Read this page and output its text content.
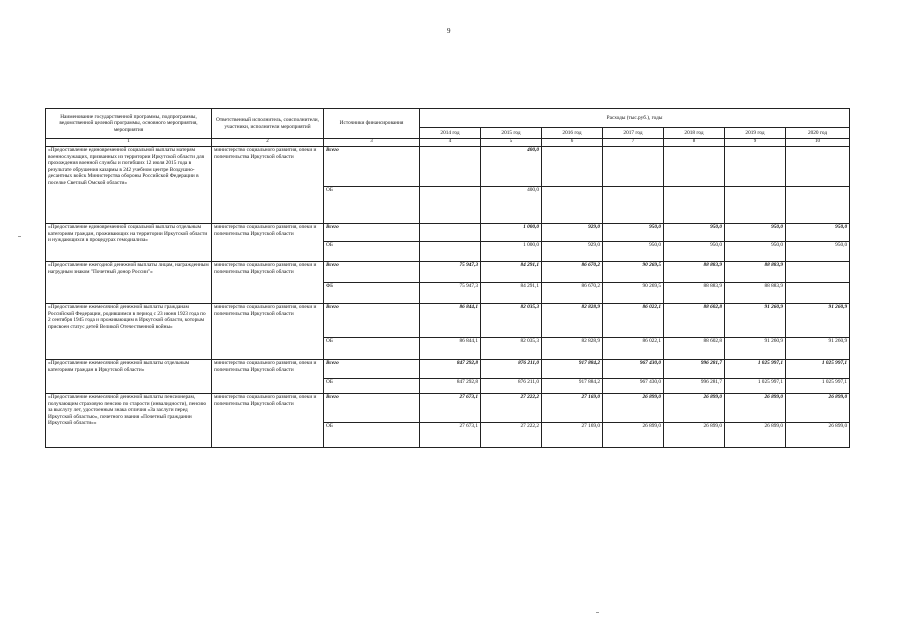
9
Наименование государственной программы, подпрограммы, ведомственной целевой программы, основного мероприятия, мероприятия	Ответственный исполнитель, соисполнители, участники, исполнители мероприятий	Источники финансирования	Расходы (тыс.руб.), годы						
			2014 год	2015 год	2016 год	2017 год	2018 год	2019 год	2020 год
1	2	3	4	5	6	7	8	9	10
«Предоставление единовременной социальной выплаты матерям военнослужащих, призванных из территории Иркутской области для прохождения военной службы и погибших 12 июля 2015 года в результате обрушения казармы в 242 учебном центре Воздушно-десантных войск Министерства обороны Российской Федерации в поселке Светлый Омской области»	министерство социального развития, опеки и попечительства Иркутской области	Всего		400,0					
		ОБ		400,0					
«Предоставление единовременной социальной выплаты отдельным категориям граждан, проживающих на территории Иркутской области и нуждающихся в процедурах гемодиализа»	министерство социального развития, опеки и попечительства Иркутской области	Всего		1 000,0	929,0	950,0	950,0	950,0	950,0
		ОБ		1 000,0	929,0	950,0	950,0	950,0	950,0
«Предоставление ежегодной денежной выплаты лицам, награжденным нагрудным знаком "Почетный донор России"»	министерство социального развития, опеки и попечительства Иркутской области	Всего	75 947,3	84 291,1	86 670,2	90 269,5	88 883,9	88 883,9	
		ФБ	75 947,3	84 291,1	86 670,2	90 269,5	88 883,9	88 883,9	
«Предоставление ежемесячной денежной выплаты гражданам Российской Федерации, родившимся в период с 23 июня 1923 года по 2 сентября 1945 года и проживающим в Иркутской области, которым присвоен статус детей Великой Отечественной войны»	министерство социального развития, опеки и попечительства Иркутской области	Всего	86 844,1	82 035,3	82 828,9	86 022,1	88 602,8	91 260,9	91 260,9
		ОБ	86 844,1	82 035,3	82 828,9	86 022,1	88 602,8	91 260,9	91 260,9
«Предоставление ежемесячной денежной выплаты отдельным категориям граждан в Иркутской области»	министерство социального развития, опеки и попечительства Иркутской области	Всего	847 292,8	876 211,0	917 884,2	967 430,0	996 281,7	1 025 997,1	1 025 997,1
		ОБ	847 292,8	876 211,0	917 884,2	967 430,0	996 281,7	1 025 997,1	1 025 997,1
«Предоставление ежемесячной денежной выплаты пенсионерам, получающим страховую пенсию по старости (инвалидности), пенсию за выслугу лет, удостоенным знака отличия «За заслуги перед Иркутской областью», почетного звания «Почетный гражданин Иркутской области»»	министерство социального развития, опеки и попечительства Иркутской области	Всего	27 673,1	27 222,2	27 169,0	26 899,0	26 899,0	26 899,0	26 899,0
		ОБ	27 673,1	27 222,2	27 169,0	26 899,0	26 899,0	26 899,0	26 899,0
